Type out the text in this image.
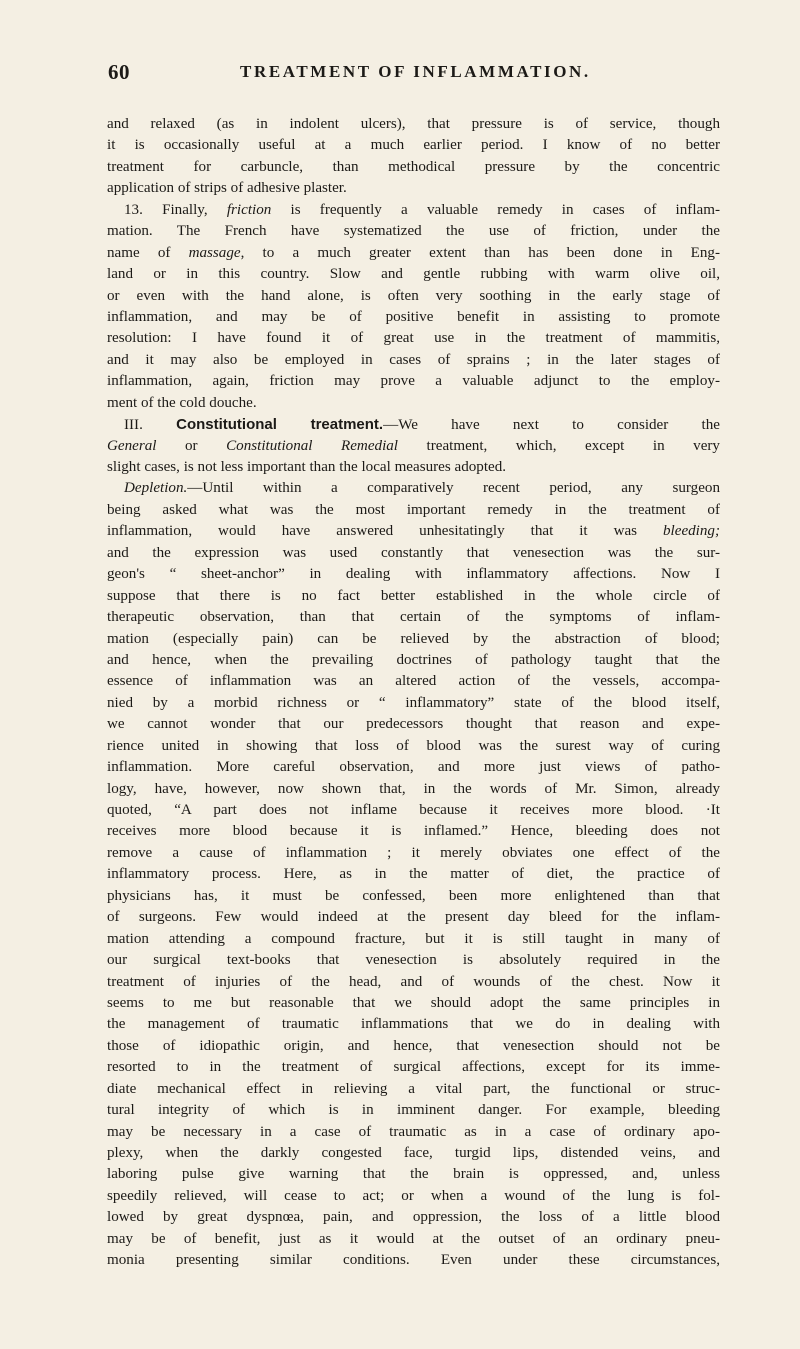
60	TREATMENT OF INFLAMMATION.
and relaxed (as in indolent ulcers), that pressure is of service, though
it is occasionally useful at a much earlier period. I know of no better
treatment for carbuncle, than methodical pressure by the concentric
application of strips of adhesive plaster.
13. Finally, friction is frequently a valuable remedy in cases of inflam-
mation. The French have systematized the use of friction, under the
name of massage, to a much greater extent than has been done in Eng-
land or in this country. Slow and gentle rubbing with warm olive oil,
or even with the hand alone, is often very soothing in the early stage of
inflammation, and may be of positive benefit in assisting to promote
resolution: I have found it of great use in the treatment of mammitis,
and it may also be employed in cases of sprains ; in the later stages of
inflammation, again, friction may prove a valuable adjunct to the employ-
ment of the cold douche.
III. Constitutional treatment.—We have next to consider the
General or Constitutional Remedial treatment, which, except in very
slight cases, is not less important than the local measures adopted.
Depletion.—Until within a comparatively recent period, any surgeon
being asked what was the most important remedy in the treatment of
inflammation, would have answered unhesitatingly that it was bleeding;
and the expression was used constantly that venesection was the sur-
geon's “ sheet-anchor” in dealing with inflammatory affections. Now I
suppose that there is no fact better established in the whole circle of
therapeutic observation, than that certain of the symptoms of inflam-
mation (especially pain) can be relieved by the abstraction of blood;
and hence, when the prevailing doctrines of pathology taught that the
essence of inflammation was an altered action of the vessels, accompa-
nied by a morbid richness or “ inflammatory” state of the blood itself,
we cannot wonder that our predecessors thought that reason and expe-
rience united in showing that loss of blood was the surest way of curing
inflammation. More careful observation, and more just views of patho-
logy, have, however, now shown that, in the words of Mr. Simon, already
quoted, “A part does not inflame because it receives more blood. ·It
receives more blood because it is inflamed.” Hence, bleeding does not
remove a cause of inflammation ; it merely obviates one effect of the
inflammatory process. Here, as in the matter of diet, the practice of
physicians has, it must be confessed, been more enlightened than that
of surgeons. Few would indeed at the present day bleed for the inflam-
mation attending a compound fracture, but it is still taught in many of
our surgical text-books that venesection is absolutely required in the
treatment of injuries of the head, and of wounds of the chest. Now it
seems to me but reasonable that we should adopt the same principles in
the management of traumatic inflammations that we do in dealing with
those of idiopathic origin, and hence, that venesection should not be
resorted to in the treatment of surgical affections, except for its imme-
diate mechanical effect in relieving a vital part, the functional or struc-
tural integrity of which is in imminent danger. For example, bleeding
may be necessary in a case of traumatic as in a case of ordinary apo-
plexy, when the darkly congested face, turgid lips, distended veins, and
laboring pulse give warning that the brain is oppressed, and, unless
speedily relieved, will cease to act; or when a wound of the lung is fol-
lowed by great dyspnœa, pain, and oppression, the loss of a little blood
may be of benefit, just as it would at the outset of an ordinary pneu-
monia presenting similar conditions. Even under these circumstances,
